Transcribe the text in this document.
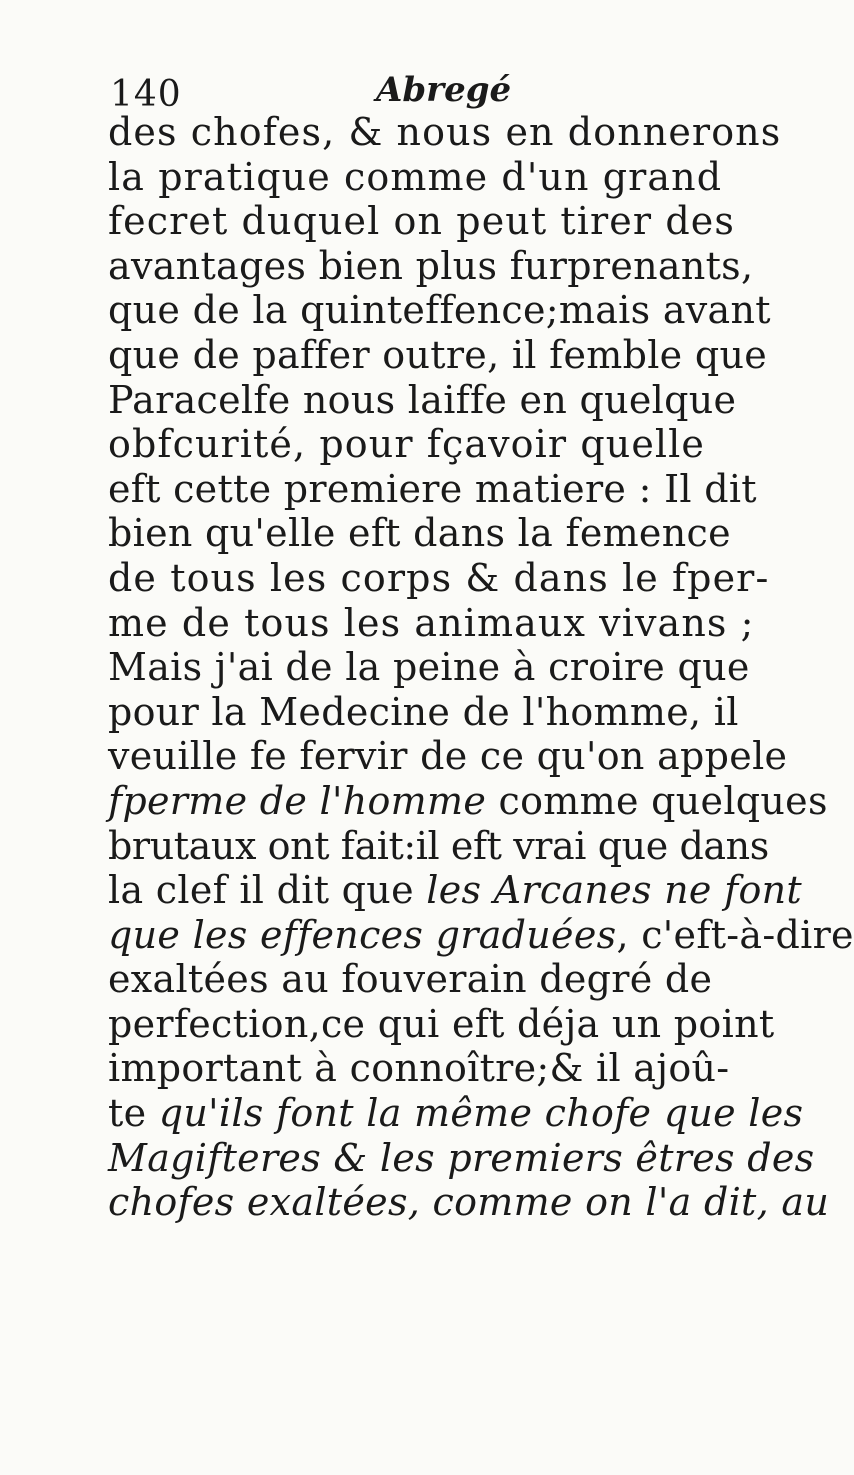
140	Abregé
des chofes, & nous en donnerons
la pratique comme d'un grand
fecret duquel on peut tirer des
avantages bien plus furprenants,
que de la quinteffence;mais avant
que de paffer outre, il femble que
Paracelfe nous laiffe en quelque
obfcurité, pour fçavoir quelle
eft cette premiere matiere : Il dit
bien qu'elle eft dans la femence
de tous les corps & dans le fper-
me de tous les animaux vivans ;
Mais j'ai de la peine à croire que
pour la Medecine de l'homme, il
veuille fe fervir de ce qu'on appele
fperme de l'homme comme quelques
brutaux ont fait:il eft vrai que dans
la clef il dit que les Arcanes ne font
que les effences graduées, c'eft-à-dire
exaltées au fouverain degré de
perfection,ce qui eft déja un point
important à connoître;& il ajoû-
te qu'ils font la même chofe que les
Magifteres & les premiers êtres des
chofes exaltées, comme on l'a dit, au
